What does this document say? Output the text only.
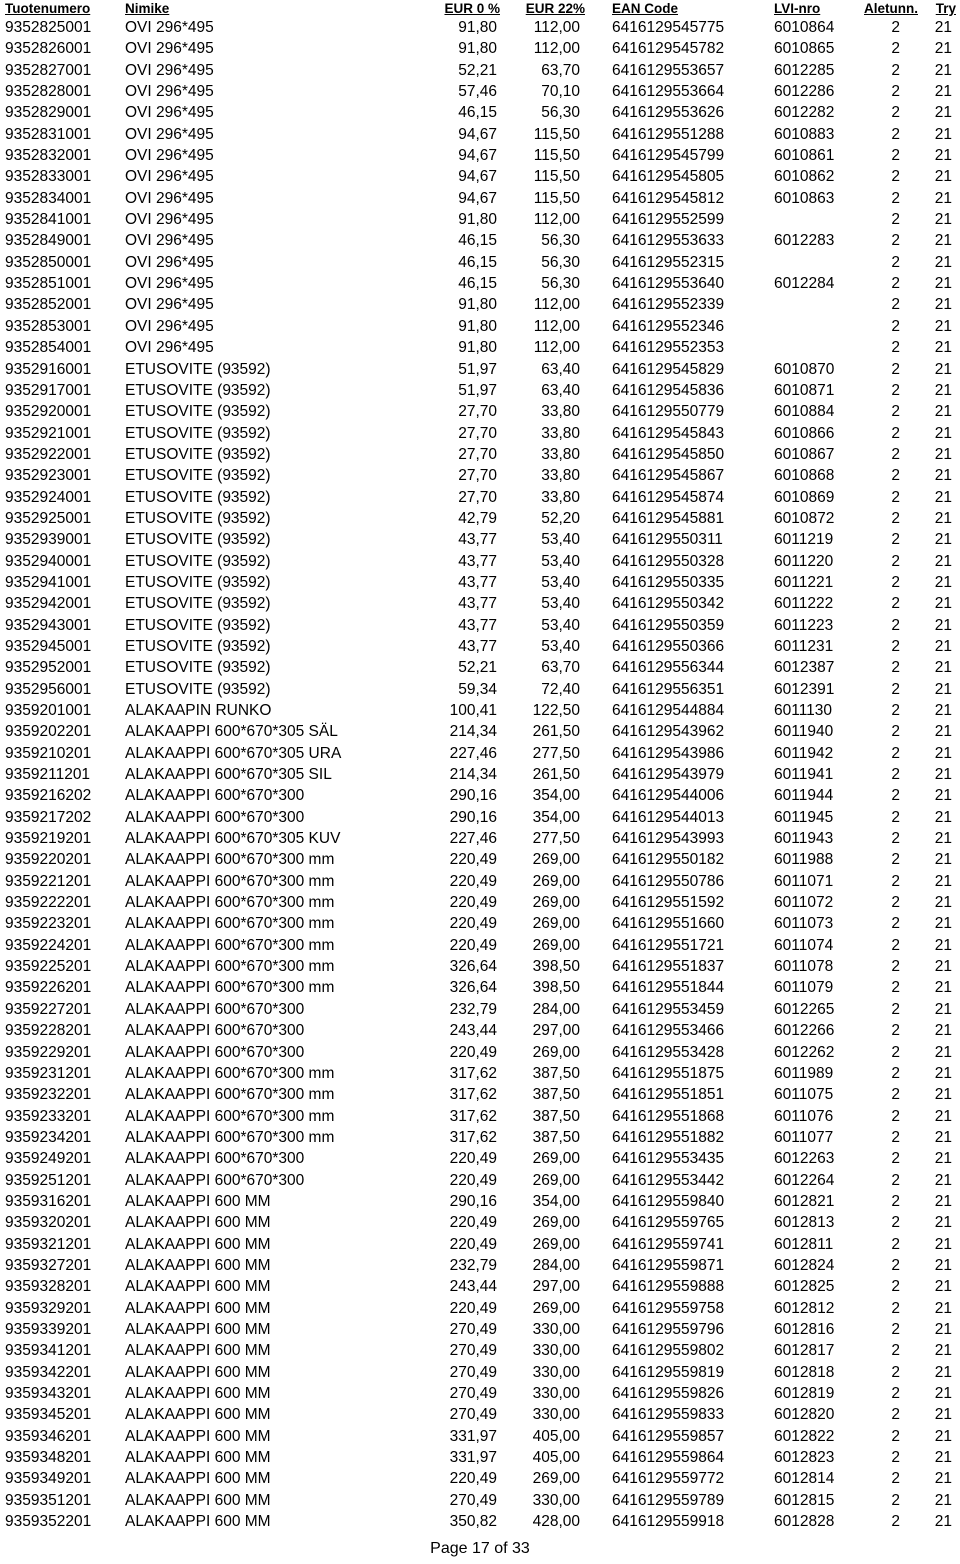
Tuotenumero	Nimike	EUR 0 % EUR 22% EAN Code	LVI-nro	Aletunn. Try
9352825001 OVI 296*495	91,80 112,00 6416129545775	6010864	2 21
9352826001 OVI 296*495	91,80 112,00 6416129545782	6010865	2 21
9352827001 OVI 296*495	52,21	63,70 6416129553657	6012285	2 21
9352828001 OVI 296*495	57,46	70,10 6416129553664	6012286	2 21
9352829001 OVI 296*495	46,15	56,30 6416129553626	6012282	2 21
9352831001 OVI 296*495	94,67 115,50 6416129551288	6010883	2 21
9352832001 OVI 296*495	94,67 115,50 6416129545799	6010861	2 21
9352833001 OVI 296*495	94,67 115,50 6416129545805	6010862	2 21
9352834001 OVI 296*495	94,67 115,50 6416129545812	6010863	2 21
9352841001 OVI 296*495	91,80 112,00 6416129552599	2 21
9352849001 OVI 296*495	46,15	56,30 6416129553633	6012283	2 21
9352850001 OVI 296*495	46,15	56,30 6416129552315	2 21
9352851001 OVI 296*495	46,15	56,30 6416129553640	6012284	2 21
9352852001 OVI 296*495	91,80 112,00 6416129552339	2 21
9352853001 OVI 296*495	91,80 112,00 6416129552346	2 21
9352854001 OVI 296*495	91,80 112,00 6416129552353	2 21
9352916001 ETUSOVITE (93592)	51,97	63,40 6416129545829	6010870	2 21
9352917001 ETUSOVITE (93592)	51,97	63,40 6416129545836	6010871	2 21
9352920001 ETUSOVITE (93592)	27,70	33,80 6416129550779	6010884	2 21
9352921001 ETUSOVITE (93592)	27,70	33,80 6416129545843	6010866	2 21
9352922001 ETUSOVITE (93592)	27,70	33,80 6416129545850	6010867	2 21
9352923001 ETUSOVITE (93592)	27,70	33,80 6416129545867	6010868	2 21
9352924001 ETUSOVITE (93592)	27,70	33,80 6416129545874	6010869	2 21
9352925001 ETUSOVITE (93592)	42,79	52,20 6416129545881	6010872	2 21
9352939001 ETUSOVITE (93592)	43,77	53,40 6416129550311	6011219	2 21
9352940001 ETUSOVITE (93592)	43,77	53,40 6416129550328	6011220	2 21
9352941001 ETUSOVITE (93592)	43,77	53,40 6416129550335	6011221	2 21
9352942001 ETUSOVITE (93592)	43,77	53,40 6416129550342	6011222	2 21
9352943001 ETUSOVITE (93592)	43,77	53,40 6416129550359	6011223	2 21
9352945001 ETUSOVITE (93592)	43,77	53,40 6416129550366	6011231	2 21
9352952001 ETUSOVITE (93592)	52,21	63,70 6416129556344	6012387	2 21
9352956001 ETUSOVITE (93592)	59,34	72,40 6416129556351	6012391	2 21
9359201001 ALAKAAPIN RUNKO	100,41 122,50 6416129544884	6011130	2 21
9359202201 ALAKAAPPI 600*670*305 SÄL	214,34 261,50 6416129543962	6011940	2 21
9359210201 ALAKAAPPI 600*670*305 URA	227,46 277,50 6416129543986	6011942	2 21
9359211201 ALAKAAPPI 600*670*305 SIL	214,34 261,50 6416129543979	6011941	2 21
9359216202 ALAKAAPPI 600*670*300	290,16 354,00 6416129544006	6011944	2 21
9359217202 ALAKAAPPI 600*670*300	290,16 354,00 6416129544013	6011945	2 21
9359219201 ALAKAAPPI 600*670*305 KUV	227,46 277,50 6416129543993	6011943	2 21
9359220201 ALAKAAPPI 600*670*300 mm	220,49 269,00 6416129550182	6011988	2 21
9359221201 ALAKAAPPI 600*670*300 mm	220,49 269,00 6416129550786	6011071	2 21
9359222201 ALAKAAPPI 600*670*300 mm	220,49 269,00 6416129551592	6011072	2 21
9359223201 ALAKAAPPI 600*670*300 mm	220,49 269,00 6416129551660	6011073	2 21
9359224201 ALAKAAPPI 600*670*300 mm	220,49 269,00 6416129551721	6011074	2 21
9359225201 ALAKAAPPI 600*670*300 mm	326,64 398,50 6416129551837	6011078	2 21
9359226201 ALAKAAPPI 600*670*300 mm	326,64 398,50 6416129551844	6011079	2 21
9359227201 ALAKAAPPI 600*670*300	232,79 284,00 6416129553459	6012265	2 21
9359228201 ALAKAAPPI 600*670*300	243,44 297,00 6416129553466	6012266	2 21
9359229201 ALAKAAPPI 600*670*300	220,49 269,00 6416129553428	6012262	2 21
9359231201 ALAKAAPPI 600*670*300 mm	317,62 387,50 6416129551875	6011989	2 21
9359232201 ALAKAAPPI 600*670*300 mm	317,62 387,50 6416129551851	6011075	2 21
9359233201 ALAKAAPPI 600*670*300 mm	317,62 387,50 6416129551868	6011076	2 21
9359234201 ALAKAAPPI 600*670*300 mm	317,62 387,50 6416129551882	6011077	2 21
9359249201 ALAKAAPPI 600*670*300	220,49 269,00 6416129553435	6012263	2 21
9359251201 ALAKAAPPI 600*670*300	220,49 269,00 6416129553442	6012264	2 21
9359316201 ALAKAAPPI 600 MM	290,16 354,00 6416129559840	6012821	2 21
9359320201 ALAKAAPPI 600 MM	220,49 269,00 6416129559765	6012813	2 21
9359321201 ALAKAAPPI 600 MM	220,49 269,00 6416129559741	6012811	2 21
9359327201 ALAKAAPPI 600 MM	232,79 284,00 6416129559871	6012824	2 21
9359328201 ALAKAAPPI 600 MM	243,44 297,00 6416129559888	6012825	2 21
9359329201 ALAKAAPPI 600 MM	220,49 269,00 6416129559758	6012812	2 21
9359339201 ALAKAAPPI 600 MM	270,49 330,00 6416129559796	6012816	2 21
9359341201 ALAKAAPPI 600 MM	270,49 330,00 6416129559802	6012817	2 21
9359342201 ALAKAAPPI 600 MM	270,49 330,00 6416129559819	6012818	2 21
9359343201 ALAKAAPPI 600 MM	270,49 330,00 6416129559826	6012819	2 21
9359345201 ALAKAAPPI 600 MM	270,49 330,00 6416129559833	6012820	2 21
9359346201 ALAKAAPPI 600 MM	331,97 405,00 6416129559857	6012822	2 21
9359348201 ALAKAAPPI 600 MM	331,97 405,00 6416129559864	6012823	2 21
9359349201 ALAKAAPPI 600 MM	220,49 269,00 6416129559772	6012814	2 21
9359351201 ALAKAAPPI 600 MM	270,49 330,00 6416129559789	6012815	2 21
9359352201 ALAKAAPPI 600 MM	350,82 428,00 6416129559918	6012828	2 21
Page 17 of 33
